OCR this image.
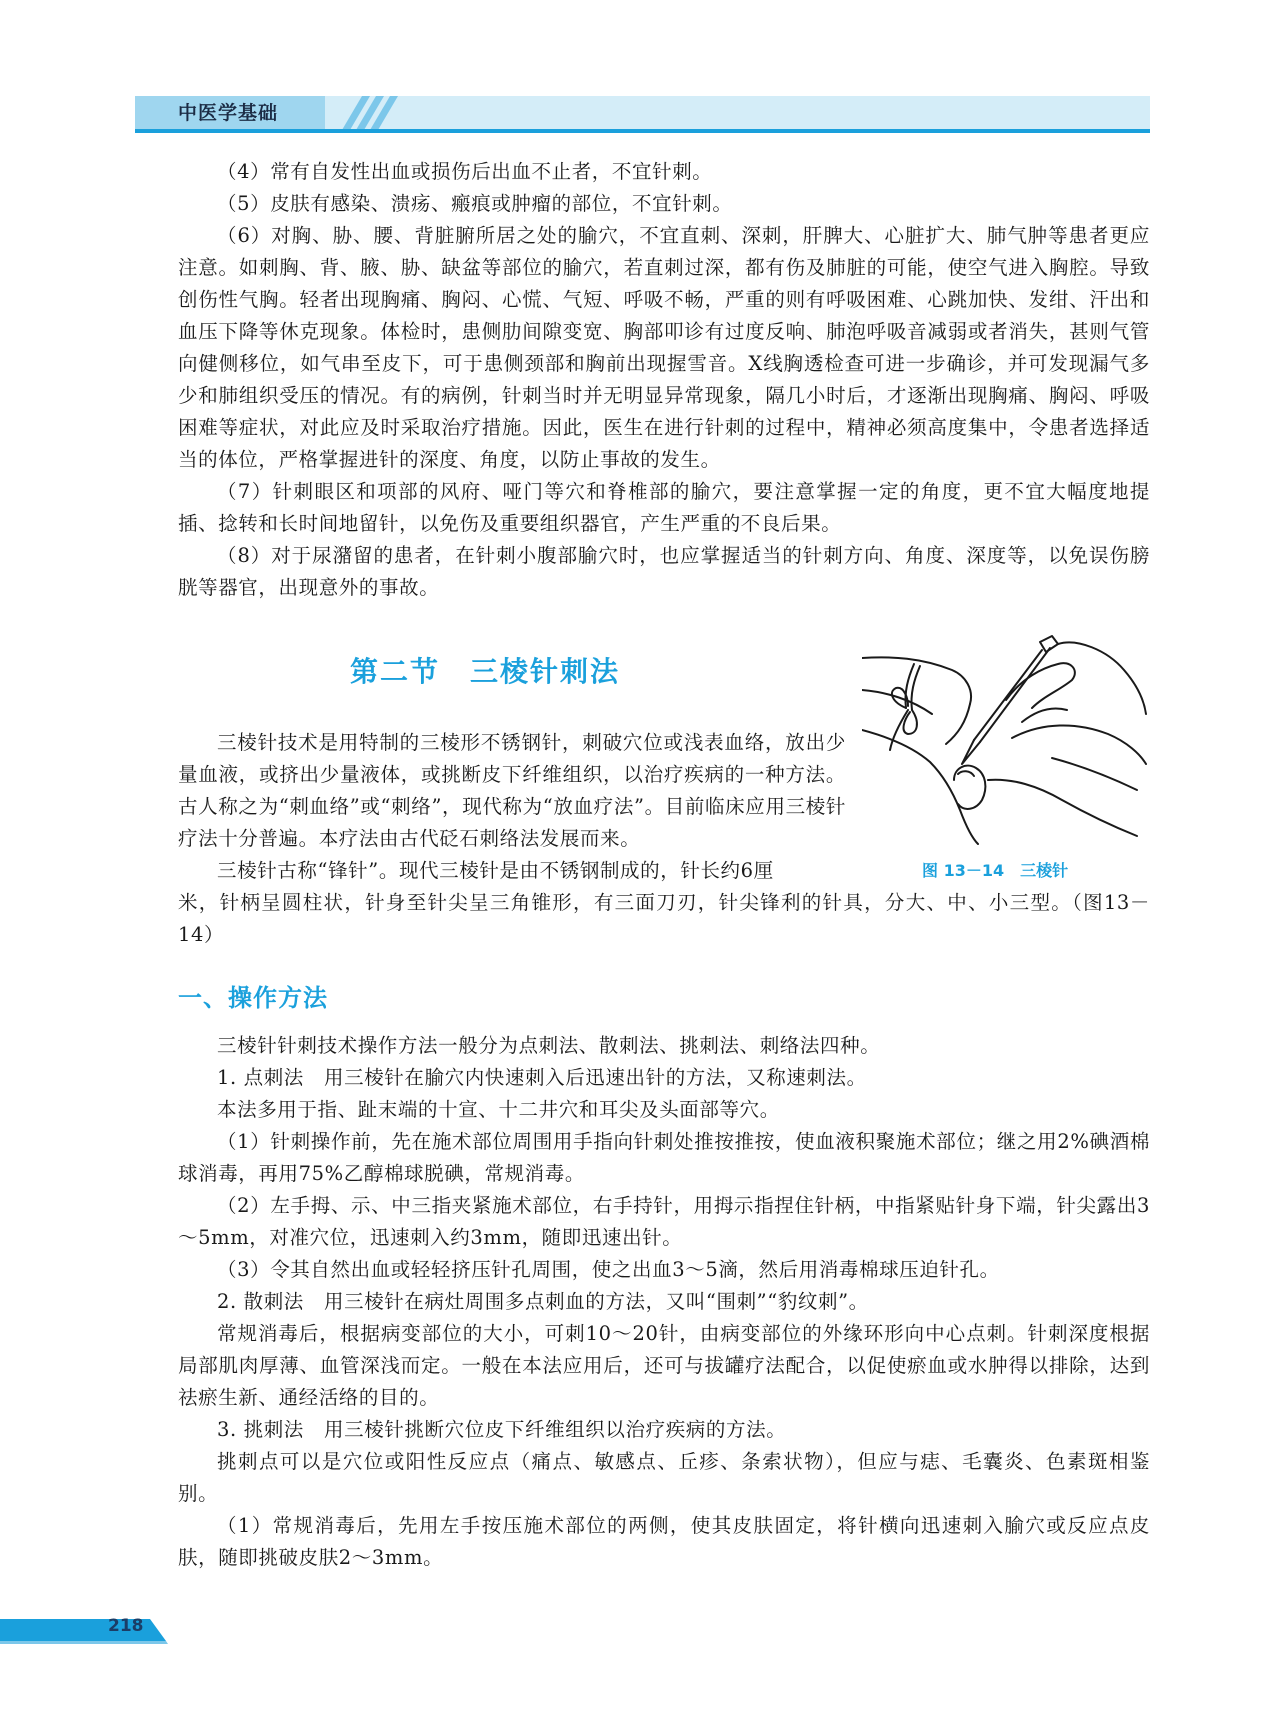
中医学基础

（4）常有自发性出血或损伤后出血不止者，不宜针刺。

（5）皮肤有感染、溃疡、瘢痕或肿瘤的部位，不宜针刺。

（6）对胸、胁、腰、背脏腑所居之处的腧穴，不宜直刺、深刺，肝脾大、心脏扩大、肺气肿等患者更应注意。如刺胸、背、腋、胁、缺盆等部位的腧穴，若直刺过深，都有伤及肺脏的可能，使空气进入胸腔。导致创伤性气胸。轻者出现胸痛、胸闷、心慌、气短、呼吸不畅，严重的则有呼吸困难、心跳加快、发绀、汗出和血压下降等休克现象。体检时，患侧肋间隙变宽、胸部叩诊有过度反响、肺泡呼吸音减弱或者消失，甚则气管向健侧移位，如气串至皮下，可于患侧颈部和胸前出现握雪音。X线胸透检查可进一步确诊，并可发现漏气多少和肺组织受压的情况。有的病例，针刺当时并无明显异常现象，隔几小时后，才逐渐出现胸痛、胸闷、呼吸困难等症状，对此应及时采取治疗措施。因此，医生在进行针刺的过程中，精神必须高度集中，令患者选择适当的体位，严格掌握进针的深度、角度，以防止事故的发生。

（7）针刺眼区和项部的风府、哑门等穴和脊椎部的腧穴，要注意掌握一定的角度，更不宜大幅度地提插、捻转和长时间地留针，以免伤及重要组织器官，产生严重的不良后果。

（8）对于尿潴留的患者，在针刺小腹部腧穴时，也应掌握适当的针刺方向、角度、深度等，以免误伤膀胱等器官，出现意外的事故。

第二节　三棱针刺法
图 13－14　三棱针

三棱针技术是用特制的三棱形不锈钢针，刺破穴位或浅表血络，放出少量血液，或挤出少量液体，或挑断皮下纤维组织，以治疗疾病的一种方法。古人称之为“刺血络”或“刺络”，现代称为“放血疗法”。目前临床应用三棱针疗法十分普遍。本疗法由古代砭石刺络法发展而来。

三棱针古称“锋针”。现代三棱针是由不锈钢制成的，针长约6厘

米，针柄呈圆柱状，针身至针尖呈三角锥形，有三面刀刃，针尖锋利的针具，分大、中、小三型。（图13－14）

一、操作方法

三棱针针刺技术操作方法一般分为点刺法、散刺法、挑刺法、刺络法四种。

1. 点刺法　用三棱针在腧穴内快速刺入后迅速出针的方法，又称速刺法。

本法多用于指、趾末端的十宣、十二井穴和耳尖及头面部等穴。

（1）针刺操作前，先在施术部位周围用手指向针刺处推按推按，使血液积聚施术部位；继之用2%碘酒棉球消毒，再用75%乙醇棉球脱碘，常规消毒。

（2）左手拇、示、中三指夹紧施术部位，右手持针，用拇示指捏住针柄，中指紧贴针身下端，针尖露出3～5mm，对准穴位，迅速刺入约3mm，随即迅速出针。

（3）令其自然出血或轻轻挤压针孔周围，使之出血3～5滴，然后用消毒棉球压迫针孔。

2. 散刺法　用三棱针在病灶周围多点刺血的方法，又叫“围刺”“豹纹刺”。

常规消毒后，根据病变部位的大小，可刺10～20针，由病变部位的外缘环形向中心点刺。针刺深度根据局部肌肉厚薄、血管深浅而定。一般在本法应用后，还可与拔罐疗法配合，以促使瘀血或水肿得以排除，达到祛瘀生新、通经活络的目的。

3. 挑刺法　用三棱针挑断穴位皮下纤维组织以治疗疾病的方法。

挑刺点可以是穴位或阳性反应点（痛点、敏感点、丘疹、条索状物），但应与痣、毛囊炎、色素斑相鉴别。

（1）常规消毒后，先用左手按压施术部位的两侧，使其皮肤固定，将针横向迅速刺入腧穴或反应点皮肤，随即挑破皮肤2～3mm。

218
